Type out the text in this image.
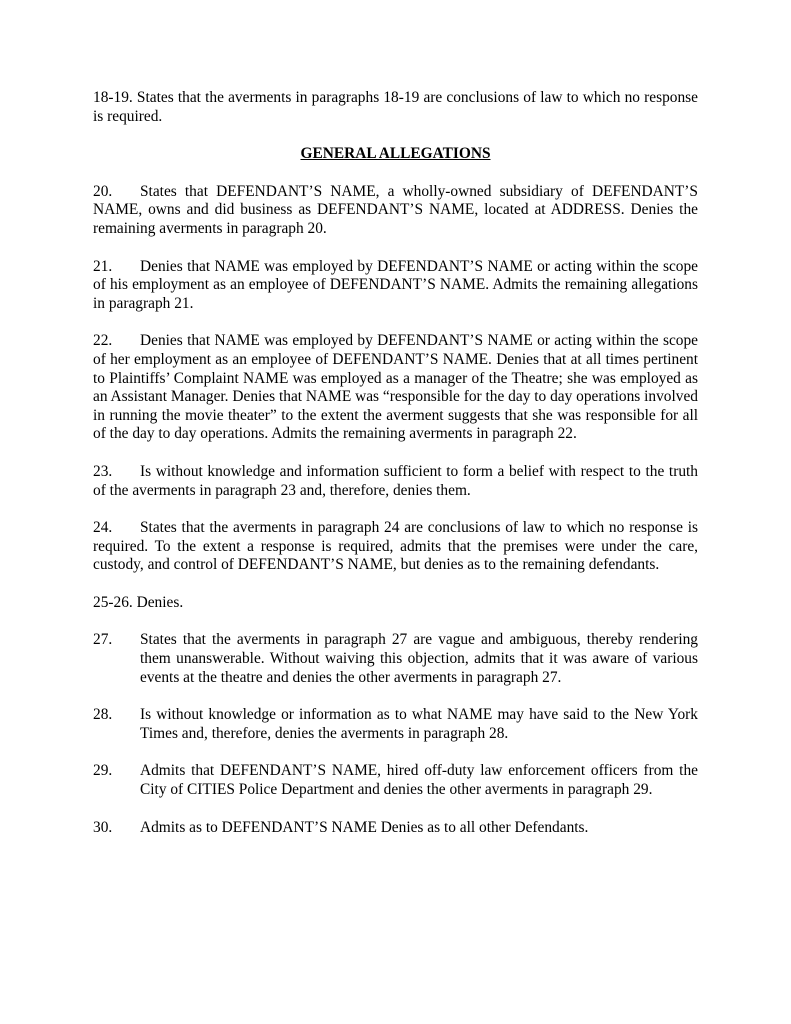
18-19. States that the averments in paragraphs 18-19 are conclusions of law to which no response is required.

GENERAL ALLEGATIONS

20. States that DEFENDANT’S NAME, a wholly-owned subsidiary of DEFENDANT’S NAME, owns and did business as DEFENDANT’S NAME, located at ADDRESS. Denies the remaining averments in paragraph 20.

21. Denies that NAME was employed by DEFENDANT’S NAME or acting within the scope of his employment as an employee of DEFENDANT’S NAME. Admits the remaining allegations in paragraph 21.

22. Denies that NAME was employed by DEFENDANT’S NAME or acting within the scope of her employment as an employee of DEFENDANT’S NAME. Denies that at all times pertinent to Plaintiffs’ Complaint NAME was employed as a manager of the Theatre; she was employed as an Assistant Manager. Denies that NAME was “responsible for the day to day operations involved in running the movie theater” to the extent the averment suggests that she was responsible for all of the day to day operations. Admits the remaining averments in paragraph 22.

23. Is without knowledge and information sufficient to form a belief with respect to the truth of the averments in paragraph 23 and, therefore, denies them.

24. States that the averments in paragraph 24 are conclusions of law to which no response is required. To the extent a response is required, admits that the premises were under the care, custody, and control of DEFENDANT’S NAME, but denies as to the remaining defendants.

25-26. Denies.

27.	States that the averments in paragraph 27 are vague and ambiguous, thereby rendering them unanswerable. Without waiving this objection, admits that it was aware of various events at the theatre and denies the other averments in paragraph 27.
28.	Is without knowledge or information as to what NAME may have said to the New York Times and, therefore, denies the averments in paragraph 28.
29.	Admits that DEFENDANT’S NAME, hired off-duty law enforcement officers from the City of CITIES Police Department and denies the other averments in paragraph 29.
30.	Admits as to DEFENDANT’S NAME Denies as to all other Defendants.
